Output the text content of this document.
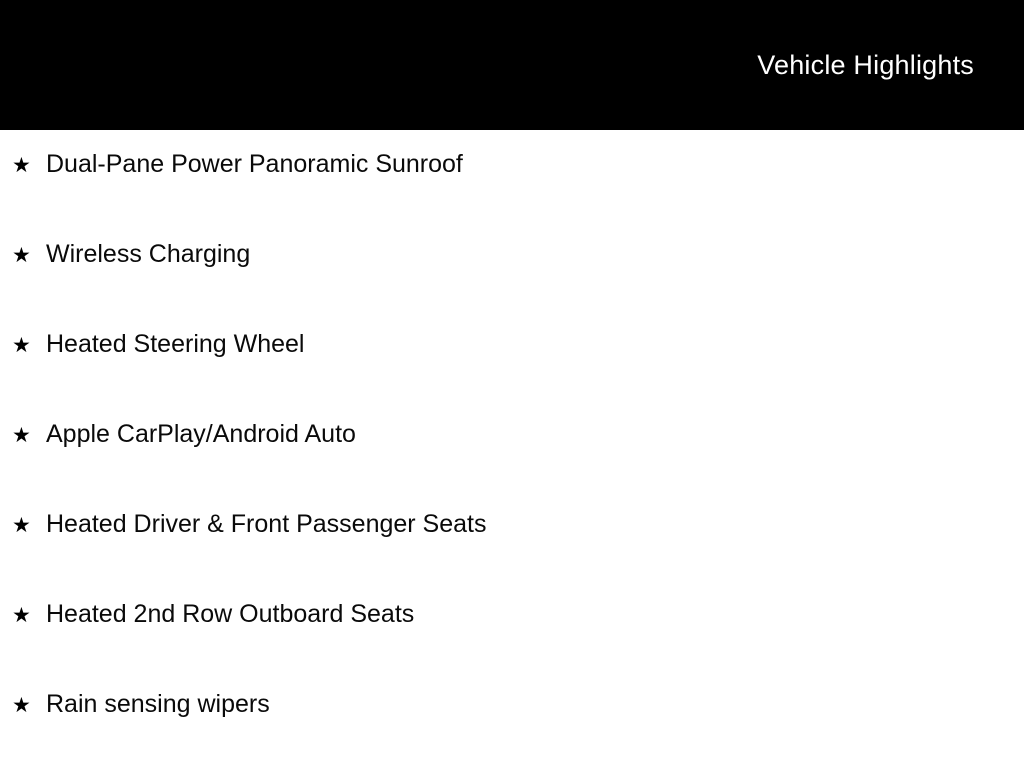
Vehicle Highlights
★ Dual-Pane Power Panoramic Sunroof
★ Wireless Charging
★ Heated Steering Wheel
★ Apple CarPlay/Android Auto
★ Heated Driver & Front Passenger Seats
★ Heated 2nd Row Outboard Seats
★ Rain sensing wipers
